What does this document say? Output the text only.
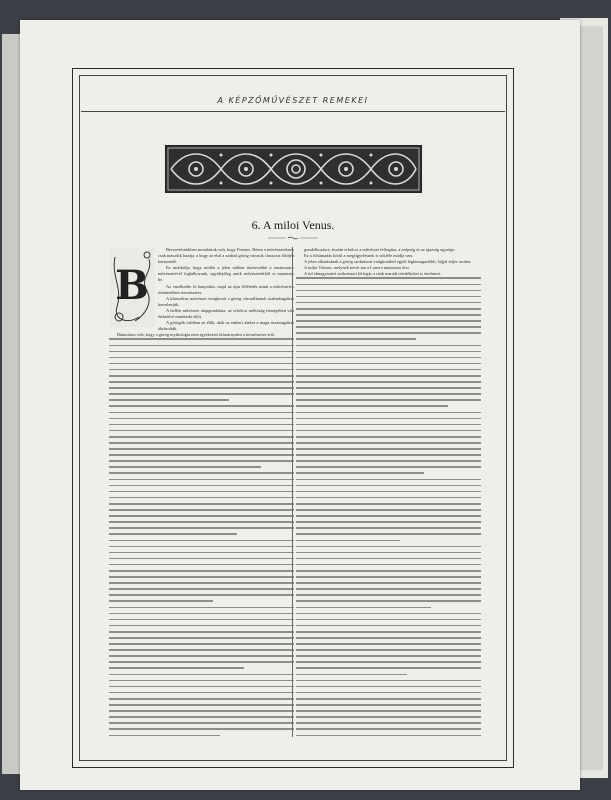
A KÉPZŐMŰVÉSZET REMEKEI
6. A miloi Venus.
B

Bevezetésünkben mondottuk volt, hogy Firenze, Róma a művészeteknek csak második hazája, a hogy az első a szabad görög városok classicus földjén keresendő.

Ez indokolja, hogy midőn a jelen műben tüzetesebbé a renaissance művészetével foglalkozunk, egyidejűleg antik művészetekből is mutatunk be.

Az emelkedés és hanyatlás, majd az újra föléledés mind a művészetek történetében természetes.

A klasszikus művészet virágkorát a görög városállamok szabadságában kereshetjük.

A hellén művészet alapgondolata, az erkölcsi méltóság fenségében vált érthetővé mindenki előtt.

A görögök valóban az élők, akik az emberi alakot a maga tisztaságában ábrázolták.

Bámulatos volt, hogy a görög mythologia nem igyekezett túlszárnyalni a természetes erőt.

gondolkozásra, tisztán erkölcsi a művészet felfogása, a szépség és az igazság egysége.

Ez a föltámadás körül a megfigyelésnek is sokféle módja van.

A jelen alkotásának a görög szobrászat virágkorából egyik legkimagaslóbb, bájjal teljes szobra.

A miloi Vénusz, melynek nevét ma a Louvre múzeuma őrzi.

A tul elmagyarázó szobrászati felfogás a ránk maradt töredékeket is értelmezi.
